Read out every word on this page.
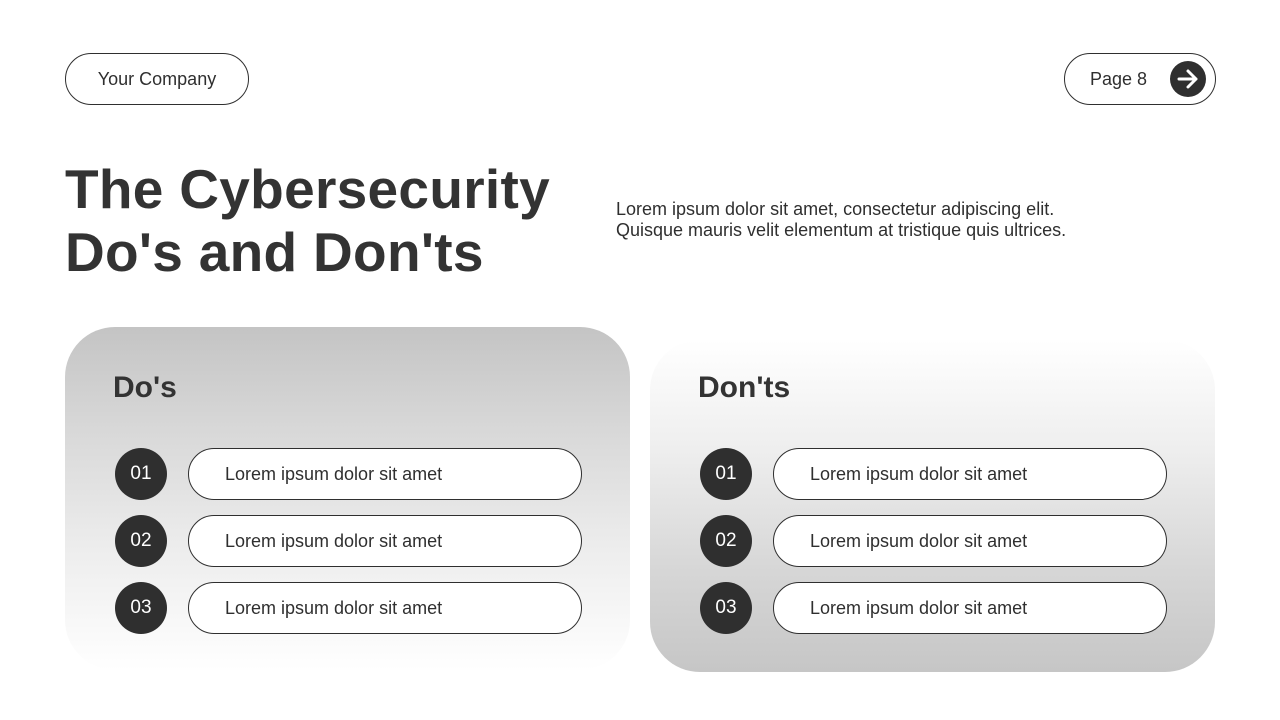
Your Company	Page 8
The Cybersecurity
Do's and Don'ts
Lorem ipsum dolor sit amet, consectetur adipiscing elit.
Quisque mauris velit elementum at tristique quis ultrices.
Do's
01	Lorem ipsum dolor sit amet
02	Lorem ipsum dolor sit amet
03	Lorem ipsum dolor sit amet
Don'ts
01	Lorem ipsum dolor sit amet
02	Lorem ipsum dolor sit amet
03	Lorem ipsum dolor sit amet
